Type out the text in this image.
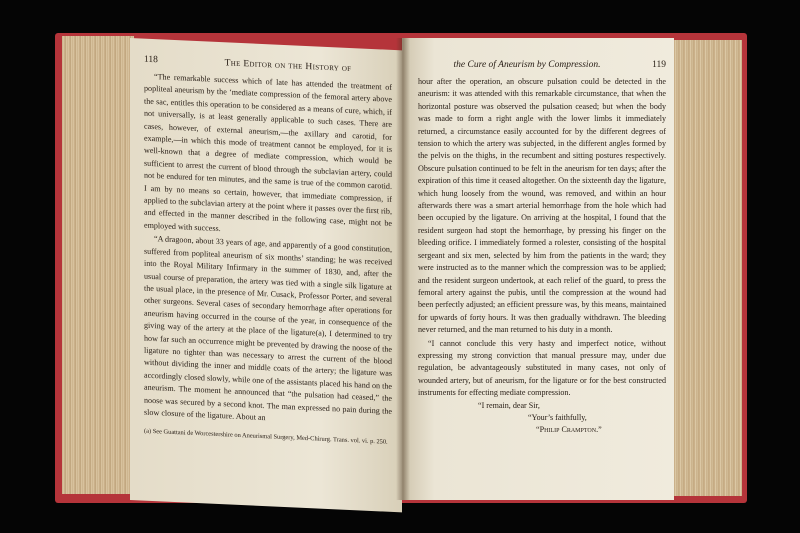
118	The Editor on the History of

“The remarkable success which of late has attended the treatment of popliteal aneurism by the ‘mediate compression of the femoral artery above the sac, entitles this operation to be considered as a means of cure, which, if not universally, is at least generally applicable to such cases. There are cases, however, of external aneurism,—the axillary and carotid, for example,—in which this mode of treatment cannot be employed, for it is well-known that a degree of mediate compression, which would be sufficient to arrest the current of blood through the subclavian artery, could not be endured for ten minutes, and the same is true of the common carotid. I am by no means so certain, however, that immediate compression, if applied to the subclavian artery at the point where it passes over the first rib, and effected in the manner described in the following case, might not be employed with success.

“A dragoon, about 33 years of age, and apparently of a good constitution, suffered from popliteal aneurism of six months’ standing; he was received into the Royal Military Infirmary in the summer of 1830, and, after the usual course of preparation, the artery was tied with a single silk ligature at the usual place, in the presence of Mr. Cusack, Professor Porter, and several other surgeons. Several cases of secondary hemorrhage after operations for aneurism having occurred in the course of the year, in consequence of the giving way of the artery at the place of the ligature(a), I determined to try how far such an occurrence might be prevented by drawing the noose of the ligature no tighter than was necessary to arrest the current of the blood without dividing the inner and middle coats of the artery; the ligature was accordingly closed slowly, while one of the assistants placed his hand on the aneurism. The moment he announced that “the pulsation had ceased,” the noose was secured by a second knot. The man expressed no pain during the slow closure of the ligature. About an

(a) See Guattani de Worcestershire on Aneurismal Surgery, Med-Chirurg. Trans. vol. vi. p. 250.

the Cure of Aneurism by Compression.	119

hour after the operation, an obscure pulsation could be detected in the aneurism: it was attended with this remarkable circumstance, that when the horizontal posture was observed the pulsation ceased; but when the body was made to form a right angle with the lower limbs it immediately returned, a circumstance easily accounted for by the different degrees of tension to which the artery was subjected, in the different angles formed by the pelvis on the thighs, in the recumbent and sitting postures respectively. Obscure pulsation continued to be felt in the aneurism for ten days; after the expiration of this time it ceased altogether. On the sixteenth day the ligature, which hung loosely from the wound, was removed, and within an hour afterwards there was a smart arterial hemorrhage from the hole which had been occupied by the ligature. On arriving at the hospital, I found that the resident surgeon had stopt the hemorrhage, by pressing his finger on the bleeding orifice. I immediately formed a rolester, consisting of the hospital sergeant and six men, selected by him from the patients in the ward; they were instructed as to the manner which the compression was to be applied; and the resident surgeon undertook, at each relief of the guard, to press the femoral artery against the pubis, until the compression at the wound had been perfectly adjusted; an efficient pressure was, by this means, maintained for upwards of forty hours. It was then gradually withdrawn. The bleeding never returned, and the man returned to his duty in a month.

“I cannot conclude this very hasty and imperfect notice, without expressing my strong conviction that manual pressure may, under due regulation, be advantageously substituted in many cases, not only of wounded artery, but of aneurism, for the ligature or for the best constructed instruments for effecting mediate compression.

“I remain, dear Sir,

“Your’s faithfully,

“Philip Crampton.”
